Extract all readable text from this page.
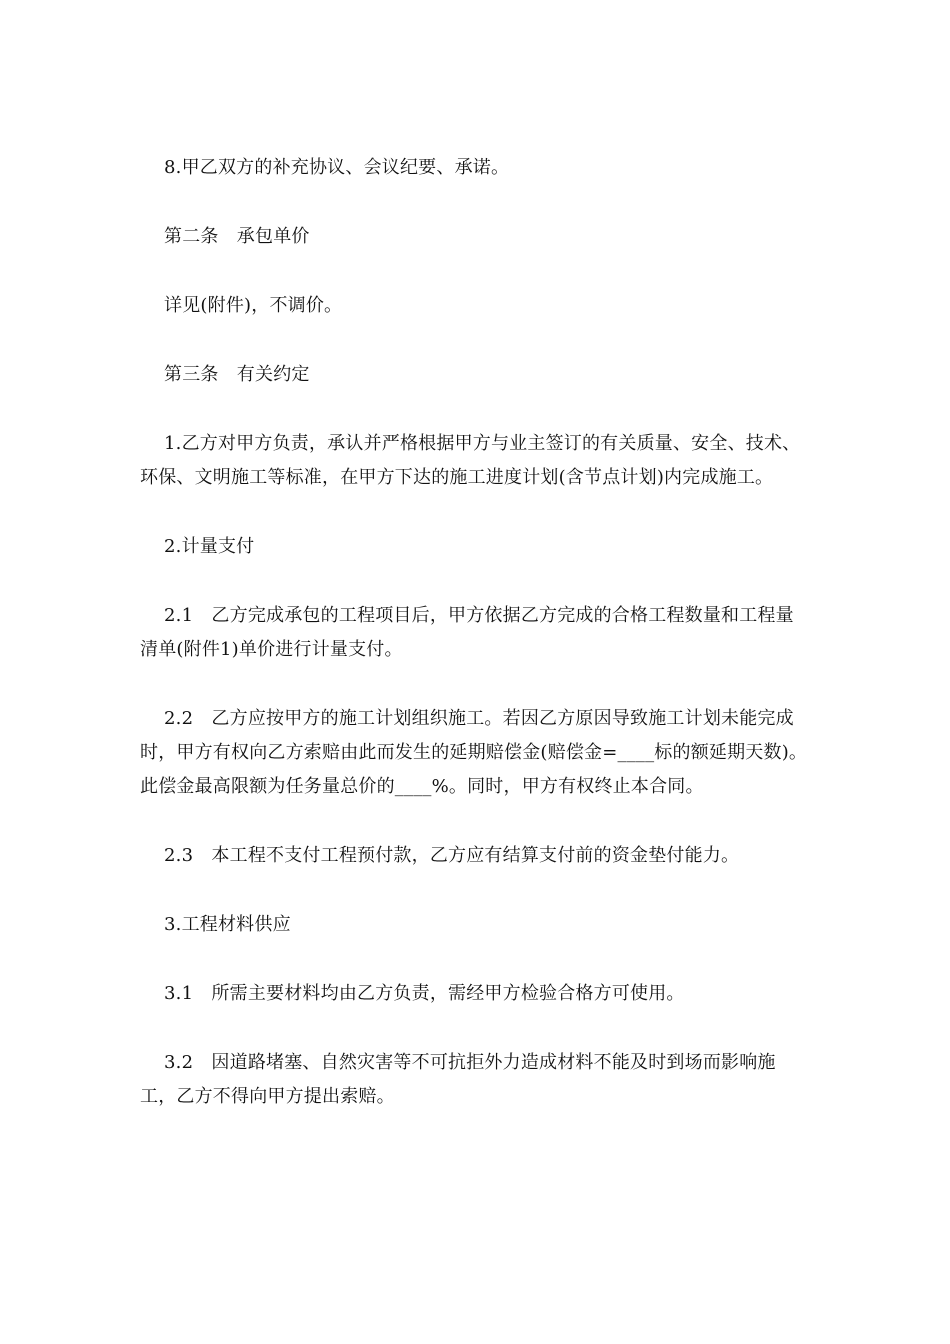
8.甲乙双方的补充协议、会议纪要、承诺。

第二条　承包单价

详见(附件)，不调价。

第三条　有关约定

1.乙方对甲方负责，承认并严格根据甲方与业主签订的有关质量、安全、技术、环保、文明施工等标准，在甲方下达的施工进度计划(含节点计划)内完成施工。

2.计量支付

2.1　乙方完成承包的工程项目后，甲方依据乙方完成的合格工程数量和工程量清单(附件1)单价进行计量支付。

2.2　乙方应按甲方的施工计划组织施工。若因乙方原因导致施工计划未能完成时，甲方有权向乙方索赔由此而发生的延期赔偿金(赔偿金=____标的额延期天数)。此偿金最高限额为任务量总价的____%。同时，甲方有权终止本合同。

2.3　本工程不支付工程预付款，乙方应有结算支付前的资金垫付能力。

3.工程材料供应

3.1　所需主要材料均由乙方负责，需经甲方检验合格方可使用。

3.2　因道路堵塞、自然灾害等不可抗拒外力造成材料不能及时到场而影响施工，乙方不得向甲方提出索赔。
